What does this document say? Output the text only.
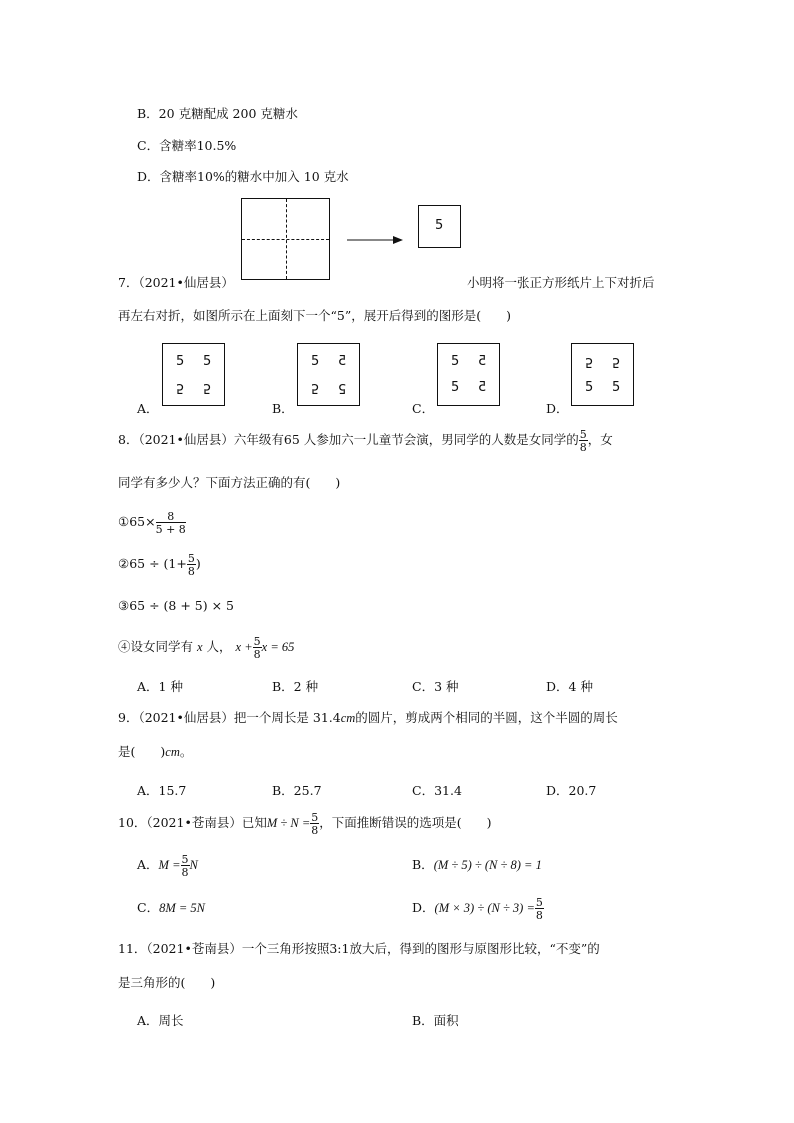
B．20 克糖配成 200 克糖水
C．含糖率10.5%
D．含糖率10%的糖水中加入 10 克水
5
7．（2021•仙居县）	小明将一张正方形纸片上下对折后
再左右对折，如图所示在上面刻下一个“5”，展开后得到的图形是(　　)
A．
5 5
5 5
B．
5 5
5 5
C．
5 5
5 5
D．
5 5
5 5
8．（2021•仙居县）六年级有65 人参加六一儿童节会演，男同学的人数是女同学的 $\frac{5}{8}$ ，女
同学有多少人？下面方法正确的有(　　)
①65× $\frac{8}{5 + 8}$
②65 ÷ ($1+ \frac{5}{8}$ )
③65 ÷ (8 + 5) × 5
④设女同学有 x 人， $x + \frac{5}{8}$ x = 65
A．1 种	B．2 种	C．3 种	D．4 种
9．（2021•仙居县）把一个周长是 31.4cm的圆片，剪成两个相同的半圆，这个半圆的周长
是(　　)cm。
A．15.7	B．25.7	C．31.4	D．20.7
10．（2021•苍南县）已知$M \div N = \frac{5}{8}$ ，下面推断错误的选项是(　　)
A．$M = \frac{5}{8}$ N	B．(M ÷ 5) ÷ (N ÷ 8) = 1
C．8M = 5N	D．$(M \times 3) \div (N \div 3) = \frac{5}{8}$
11．（2021•苍南县）一个三角形按照3:1放大后，得到的图形与原图形比较，“不变”的
是三角形的(　　)
A．周长	B．面积
